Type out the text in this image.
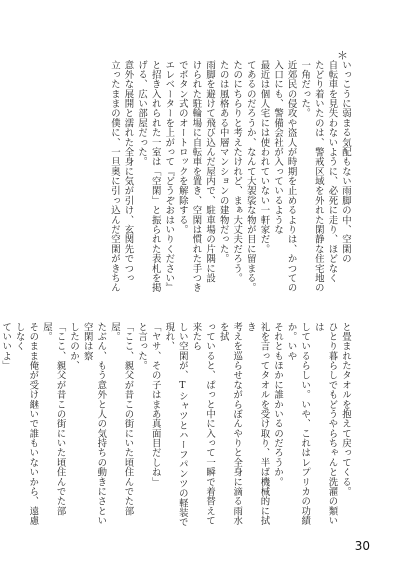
＊

いっこうに弱まる気配もない雨脚の中、空閑の

自転車を見失わないように、必死に走り、ほどなく

たどり着いたのは、警戒区域を外れた閑静な住宅地の

一角だった。

近郊民の侵攻や盗人が時期を止めるよりは、かつての

入口にも、警備会社が入っているような

最近は個人宅には使われていない一軒家だ。

てあるのだろうか、なんて大袈裟な物が目に留まる。

たのにちらりと考えたけれど、まぁ大丈夫だろう。

たのは風格ある中層マンションの建物だった。

雨脚を避けて飛び込んだ屋内で、駐車場の片隅に設

けられた駐輪場に自転車を置き、空閑は慣れた手つき

でボタン式のオートロックを解除する。

エレベーターを上がって『どうぞおはいりください』

と招き入れられた一室は「空閑」と振られた表札を掲

げる、広い部屋だった。

意外な展開と濡れた全身に気が引け、玄関先でつっ

立ったままの僕に、一旦奥に引っ込んだ空閑がきちん

と畳まれたタオルを抱えて戻ってくる。

ひとり暮らしでもどうやらちゃんと洗濯の類いは

しているらしい。いや、これはレプリカの功績か。いや

それともほかに誰かいるのだろうか。

礼を言ってタオルを受け取り、半ば機械的に拭き

考えを巡らせながらぼんやりと全身に滴る雨水を拭

っていると、ぱっと中に入って一瞬で着替えて来たら

しい空閑が、Tシャツとハーフパンツの軽装で現れ、

「ヤサ、その子はまあ真面目だしね」

と言った。

「ここ、親父が昔この街にいた頃住んでた部屋。

たぶん、もう意外と人の気持ちの動きにさとい空閑は察

したのか、

「ここ、親父が昔この街にいた頃住んでた部屋。

そのまま俺が受け継いで誰もいないから、遠慮しなく

ていいよ」

30
